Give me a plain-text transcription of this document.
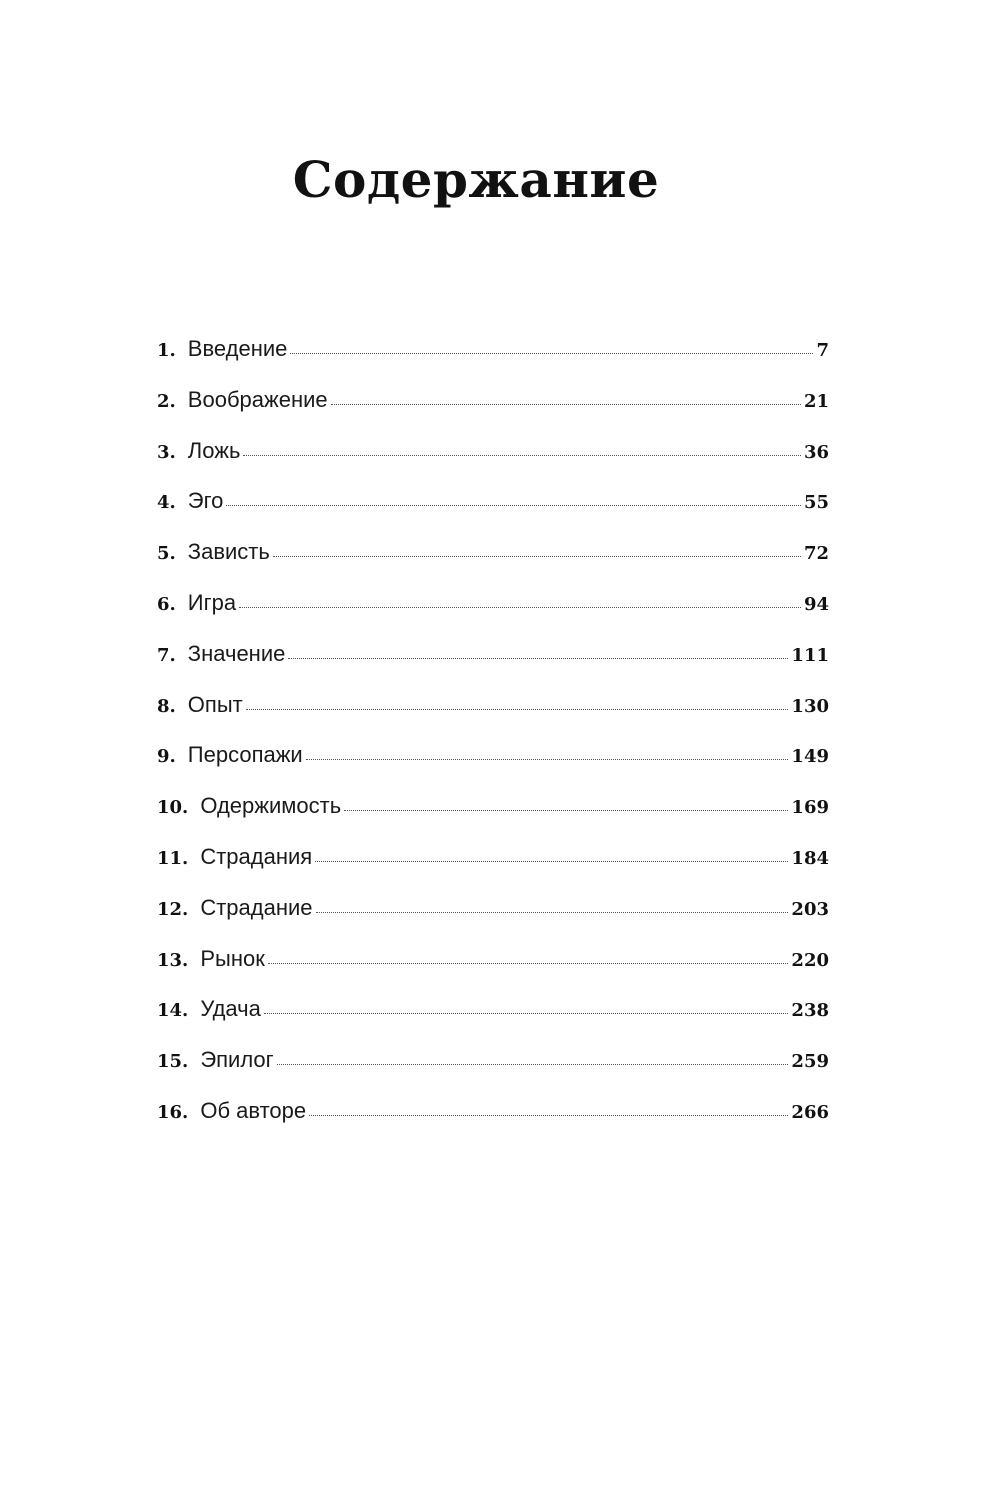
Содержание
1. Введение	7
2. Воображение	21
3. Ложь	36
4. Эго	55
5. Зависть	72
6. Игра	94
7. Значение	111
8. Опыт	130
9. Персопажи	149
10. Одержимость	169
11. Страдания	184
12. Страдание	203
13. Рынок	220
14. Удача	238
15. Эпилог	259
16. Об авторе	266
